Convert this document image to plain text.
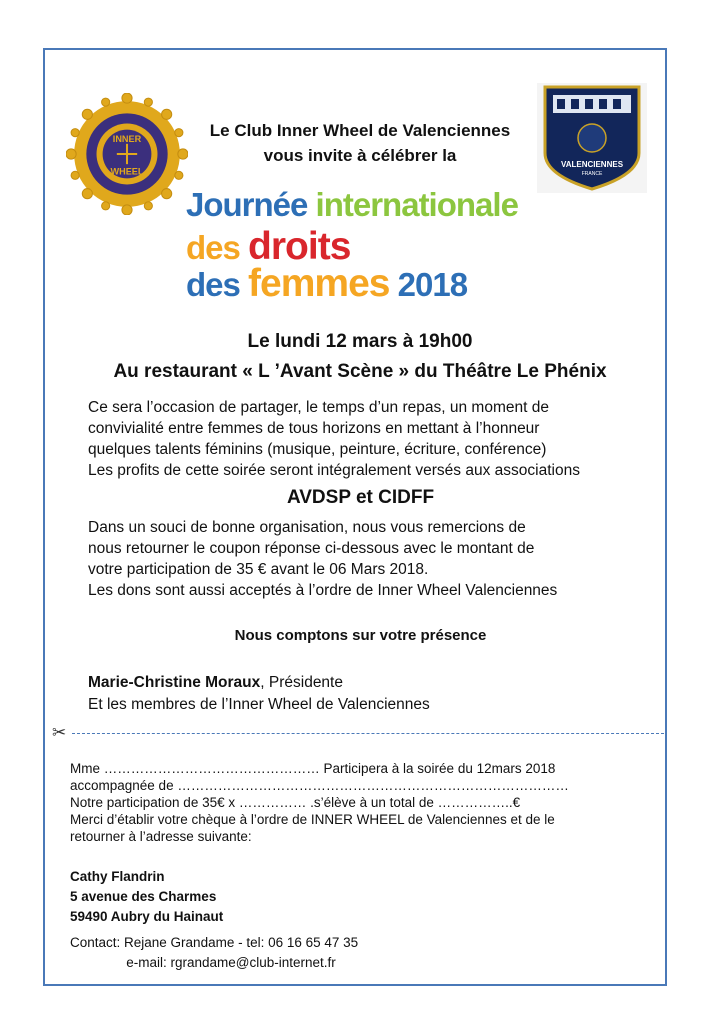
INNER
WHEEL
VALENCIENNES
FRANCE
Le Club Inner Wheel de Valenciennes
vous invite à célébrer la
Journée internationale
des droits
des femmes 2018
Le lundi 12 mars à 19h00
Au restaurant « L ’Avant Scène » du Théâtre Le Phénix
Ce sera l’occasion de partager, le temps d’un repas, un moment de
convivialité entre femmes de tous horizons en mettant à l’honneur
quelques talents féminins (musique, peinture, écriture, conférence)
Les profits de cette soirée seront intégralement versés aux associations
AVDSP et CIDFF
Dans un souci de bonne organisation, nous vous remercions de
nous retourner le coupon réponse ci-dessous avec le montant de
votre participation de 35 € avant le 06 Mars 2018.
Les dons sont aussi acceptés à l’ordre de Inner Wheel Valenciennes
Nous comptons sur votre présence
Marie-Christine Moraux, Présidente
Et les membres de l’Inner Wheel de Valenciennes
✂
Mme ………………………………………… Participera à la soirée du 12mars 2018
accompagnée de ……………………………………………………………………………
Notre participation de 35€ x …………… .s’élève à un total de ……………..€
Merci d’établir votre chèque à l’ordre de INNER WHEEL de Valenciennes et de le
retourner à l’adresse suivante:
Cathy Flandrin
5 avenue des Charmes
59490 Aubry du Hainaut
Contact: Rejane Grandame - tel: 06 16 65 47 35
e-mail: rgrandame@club-internet.fr
